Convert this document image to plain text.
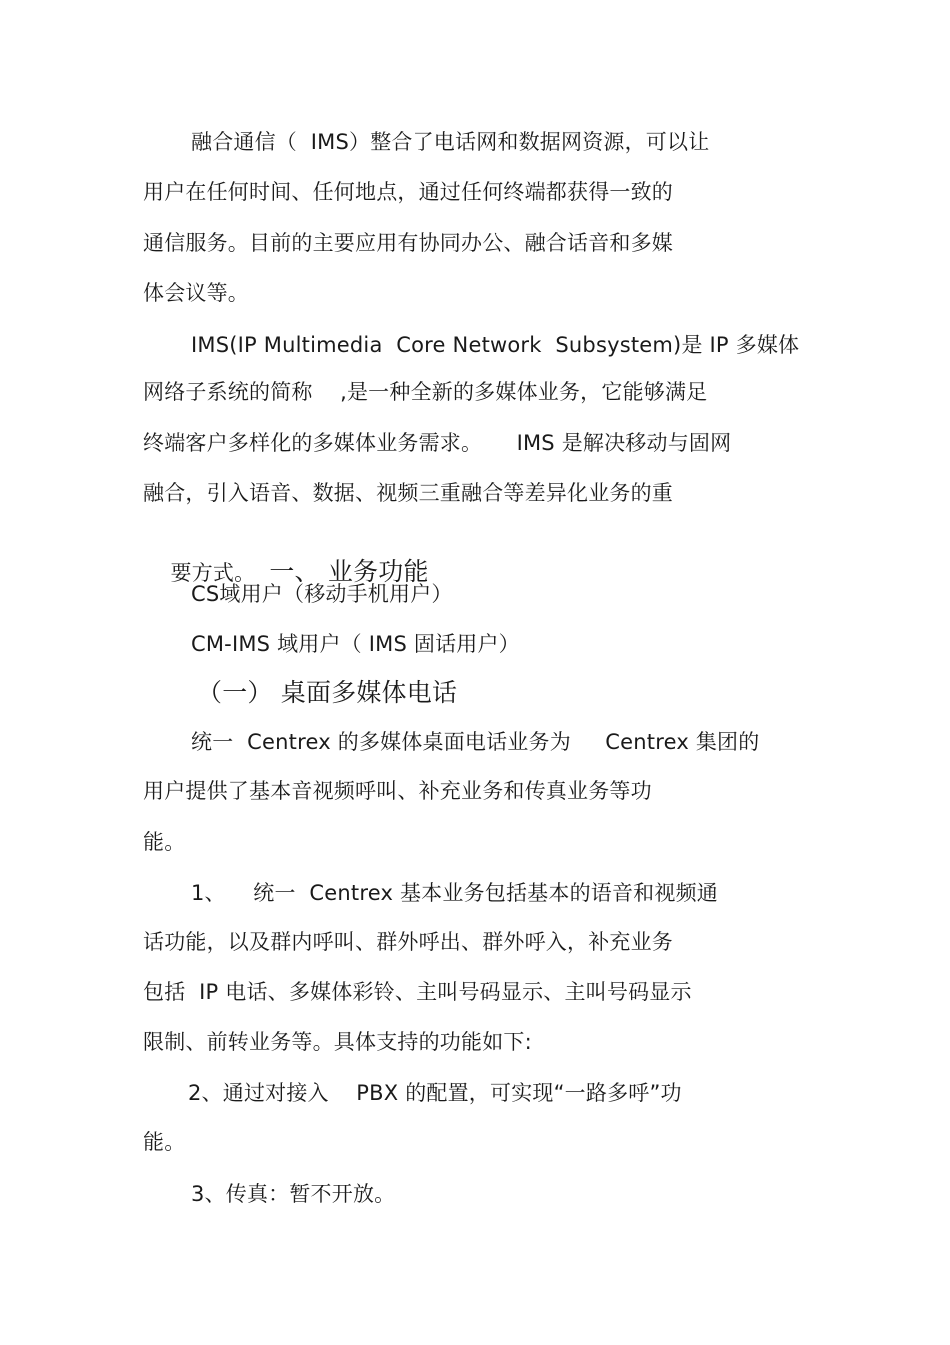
融合通信（  IMS）整合了电话网和数据网资源，可以让
用户在任何时间、任何地点，通过任何终端都获得一致的
通信服务。目前的主要应用有协同办公、融合话音和多媒
体会议等。
IMS(IP Multimedia  Core Network  Subsystem)是 IP 多媒体
网络子系统的简称    ,是一种全新的多媒体业务，它能够满足
终端客户多样化的多媒体业务需求。     IMS 是解决移动与固网
融合，引入语音、数据、视频三重融合等差异化业务的重

要方式。 一、 业务功能

CS域用户（移动手机用户）
CM-IMS 域用户（ IMS 固话用户）
（一） 桌面多媒体电话
统一  Centrex 的多媒体桌面电话业务为     Centrex 集团的
用户提供了基本音视频呼叫、补充业务和传真业务等功
能。
1、    统一  Centrex 基本业务包括基本的语音和视频通
话功能，以及群内呼叫、群外呼出、群外呼入，补充业务
包括  IP 电话、多媒体彩铃、主叫号码显示、主叫号码显示
限制、前转业务等。具体支持的功能如下:
2、通过对接入    PBX 的配置，可实现“一路多呼”功
能。
3、传真：暂不开放。
